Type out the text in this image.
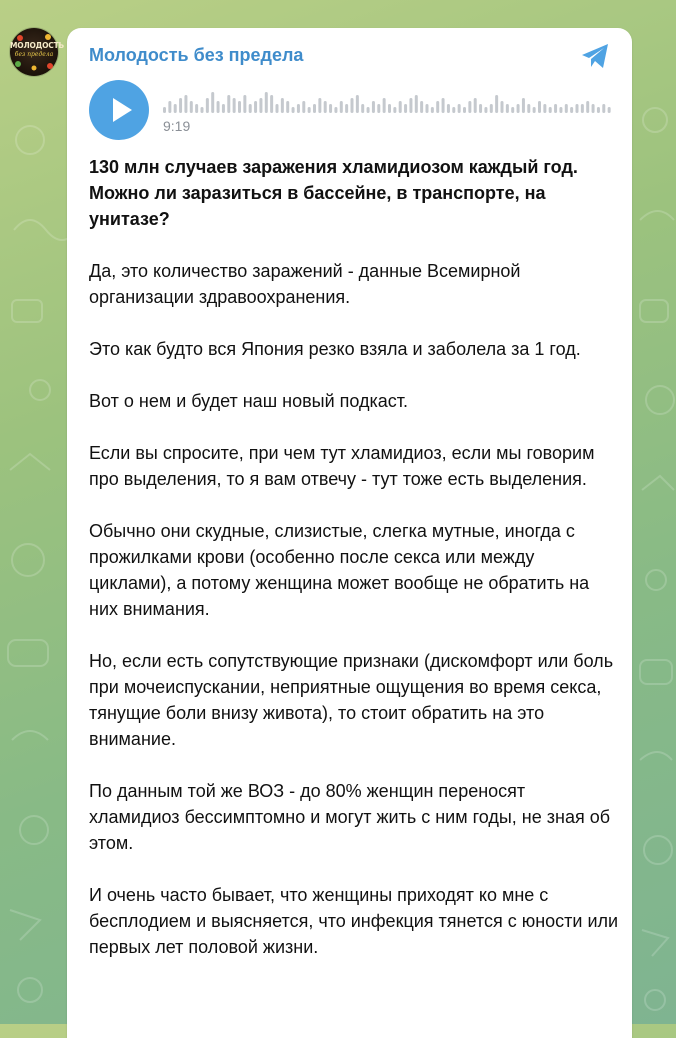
МОЛОДОСТЬ
без предела Молодость без предела
9:19

130 млн случаев заражения хламидиозом каждый год. Можно ли заразиться в бассейне, в транспорте, на унитазе?

Да, это количество заражений - данные Всемирной организации здравоохранения.

Это как будто вся Япония резко взяла и заболела за 1 год.

Вот о нем и будет наш новый подкаст.

Если вы спросите, при чем тут хламидиоз, если мы говорим про выделения, то я вам отвечу - тут тоже есть выделения.

Обычно они скудные, слизистые, слегка мутные, иногда с прожилками крови (особенно после секса или между циклами), а потому женщина может вообще не обратить на них внимания.

Но, если есть сопутствующие признаки (дискомфорт или боль при мочеиспускании, неприятные ощущения во время секса, тянущие боли внизу живота), то стоит обратить на это внимание.

По данным той же ВОЗ - до 80% женщин переносят хламидиоз бессимптомно и могут жить с ним годы, не зная об этом.

И очень часто бывает, что женщины приходят ко мне с бесплодием и выясняется, что инфекция тянется с юности или первых лет половой жизни.
